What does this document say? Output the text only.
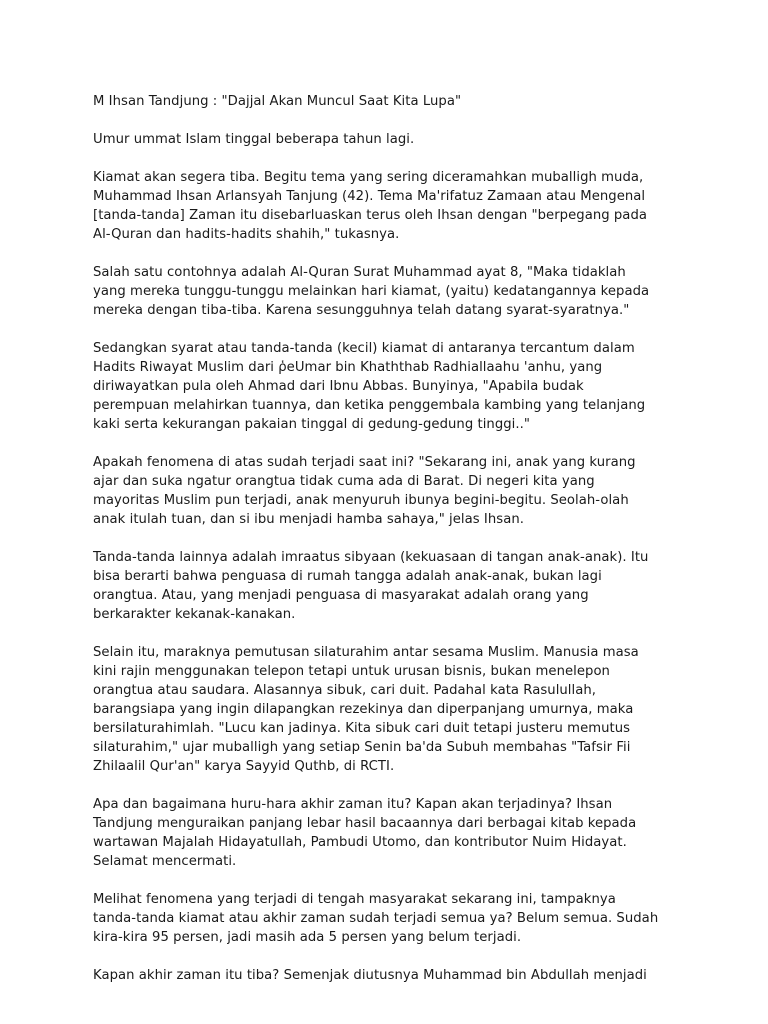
M Ihsan Tandjung : "Dajjal Akan Muncul Saat Kita Lupa"
Umur ummat Islam tinggal beberapa tahun lagi.
Kiamat akan segera tiba. Begitu tema yang sering diceramahkan muballigh muda,
Muhammad Ihsan Arlansyah Tanjung (42). Tema Ma'rifatuz Zamaan atau Mengenal
[tanda-tanda] Zaman itu disebarluaskan terus oleh Ihsan dengan "berpegang pada
Al-Quran dan hadits-hadits shahih," tukasnya.
Salah satu contohnya adalah Al-Quran Surat Muhammad ayat 8, "Maka tidaklah
yang mereka tunggu-tunggu melainkan hari kiamat, (yaitu) kedatangannya kepada
mereka dengan tiba-tiba. Karena sesungguhnya telah datang syarat-syaratnya."
Sedangkan syarat atau tanda-tanda (kecil) kiamat di antaranya tercantum dalam
Hadits Riwayat Muslim dari ῥeUmar bin Khaththab Radhiallaahu 'anhu, yang
diriwayatkan pula oleh Ahmad dari Ibnu Abbas. Bunyinya, "Apabila budak
perempuan melahirkan tuannya, dan ketika penggembala kambing yang telanjang
kaki serta kekurangan pakaian tinggal di gedung-gedung tinggi.."
Apakah fenomena di atas sudah terjadi saat ini? "Sekarang ini, anak yang kurang
ajar dan suka ngatur orangtua tidak cuma ada di Barat. Di negeri kita yang
mayoritas Muslim pun terjadi, anak menyuruh ibunya begini-begitu. Seolah-olah
anak itulah tuan, dan si ibu menjadi hamba sahaya," jelas Ihsan.
Tanda-tanda lainnya adalah imraatus sibyaan (kekuasaan di tangan anak-anak). Itu
bisa berarti bahwa penguasa di rumah tangga adalah anak-anak, bukan lagi
orangtua. Atau, yang menjadi penguasa di masyarakat adalah orang yang
berkarakter kekanak-kanakan.
Selain itu, maraknya pemutusan silaturahim antar sesama Muslim. Manusia masa
kini rajin menggunakan telepon tetapi untuk urusan bisnis, bukan menelepon
orangtua atau saudara. Alasannya sibuk, cari duit. Padahal kata Rasulullah,
barangsiapa yang ingin dilapangkan rezekinya dan diperpanjang umurnya, maka
bersilaturahimlah. "Lucu kan jadinya. Kita sibuk cari duit tetapi justeru memutus
silaturahim," ujar muballigh yang setiap Senin ba'da Subuh membahas "Tafsir Fii
Zhilaalil Qur'an" karya Sayyid Quthb, di RCTI.
Apa dan bagaimana huru-hara akhir zaman itu? Kapan akan terjadinya? Ihsan
Tandjung menguraikan panjang lebar hasil bacaannya dari berbagai kitab kepada
wartawan Majalah Hidayatullah, Pambudi Utomo, dan kontributor Nuim Hidayat.
Selamat mencermati.
Melihat fenomena yang terjadi di tengah masyarakat sekarang ini, tampaknya
tanda-tanda kiamat atau akhir zaman sudah terjadi semua ya? Belum semua. Sudah
kira-kira 95 persen, jadi masih ada 5 persen yang belum terjadi.
Kapan akhir zaman itu tiba? Semenjak diutusnya Muhammad bin Abdullah menjadi
